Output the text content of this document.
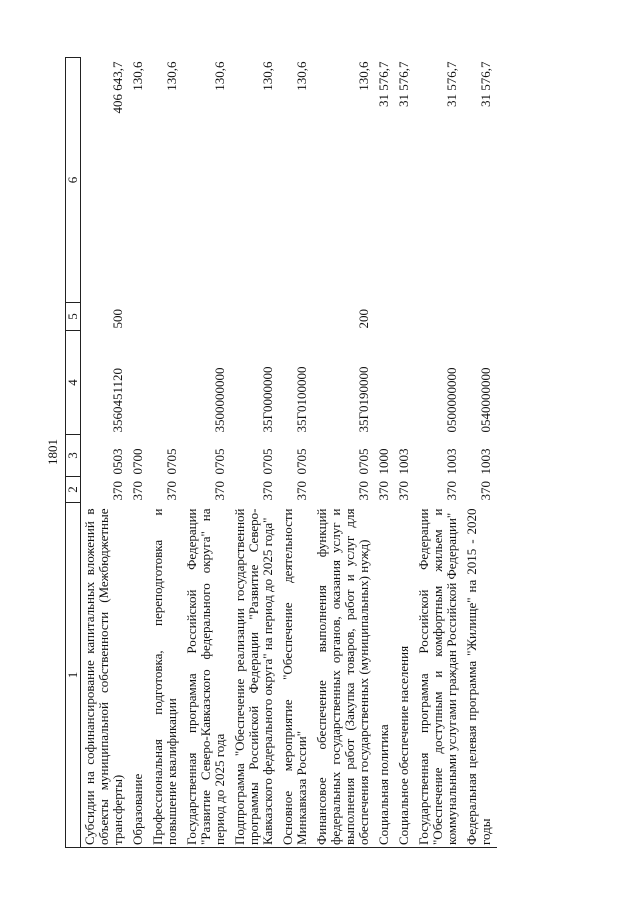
1801
1	2	3	4	5	6
Субсидии на софинансирование капитальных вложений в объекты муниципальной собственности (Межбюджетные трансферты)	370	0503	3560451120	500	406 643,7
Образование	370	0700			130,6
Профессиональная подготовка, переподготовка и повышение квалификации	370	0705			130,6
Государственная программа Российской Федерации "Развитие Северо-Кавказского федерального округа" на период до 2025 года	370	0705	3500000000		130,6
Подпрограмма "Обеспечение реализации государственной программы Российской Федерации "Развитие Северо-Кавказского федерального округа" на период до 2025 года"	370	0705	35Г0000000		130,6
Основное мероприятие "Обеспечение деятельности Минкавказа России"	370	0705	35Г0100000		130,6
Финансовое обеспечение выполнения функций федеральных государственных органов, оказания услуг и выполнения работ (Закупка товаров, работ и услуг для обеспечения государственных (муниципальных) нужд)	370	0705	35Г0190000	200	130,6
Социальная политика	370	1000			31 576,7
Социальное обеспечение населения	370	1003			31 576,7
Государственная программа Российской Федерации "Обеспечение доступным и комфортным жильем и коммунальными услугами граждан Российской Федерации"	370	1003	0500000000		31 576,7
Федеральная целевая программа "Жилище" на 2015 - 2020 годы	370	1003	0540000000		31 576,7
